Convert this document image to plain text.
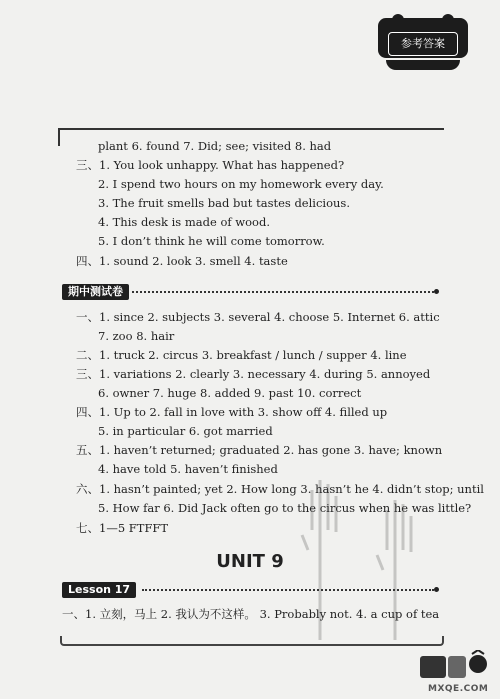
参考答案
plant 6. found 7. Did; see; visited 8. had
三、1. You look unhappy. What has happened?
2. I spend two hours on my homework every day.
3. The fruit smells bad but tastes delicious.
4. This desk is made of wood.
5. I don’t think he will come tomorrow.
四、1. sound 2. look 3. smell 4. taste
期中测试卷
一、1. since 2. subjects 3. several 4. choose 5. Internet 6. attic
7. zoo 8. hair
二、1. truck 2. circus 3. breakfast / lunch / supper 4. line
三、1. variations 2. clearly 3. necessary 4. during 5. annoyed
6. owner 7. huge 8. added 9. past 10. correct
四、1. Up to 2. fall in love with 3. show off 4. filled up
5. in particular 6. got married
五、1. haven’t returned; graduated 2. has gone 3. have; known
4. have told 5. haven’t finished
六、1. hasn’t painted; yet 2. How long 3. hasn’t he 4. didn’t stop; until
5. How far 6. Did Jack often go to the circus when he was little?
七、1—5 FTFFT
UNIT 9
Lesson 17
一、1. 立刻，马上 2. 我认为不这样。 3. Probably not. 4. a cup of tea
MXQE.COM
